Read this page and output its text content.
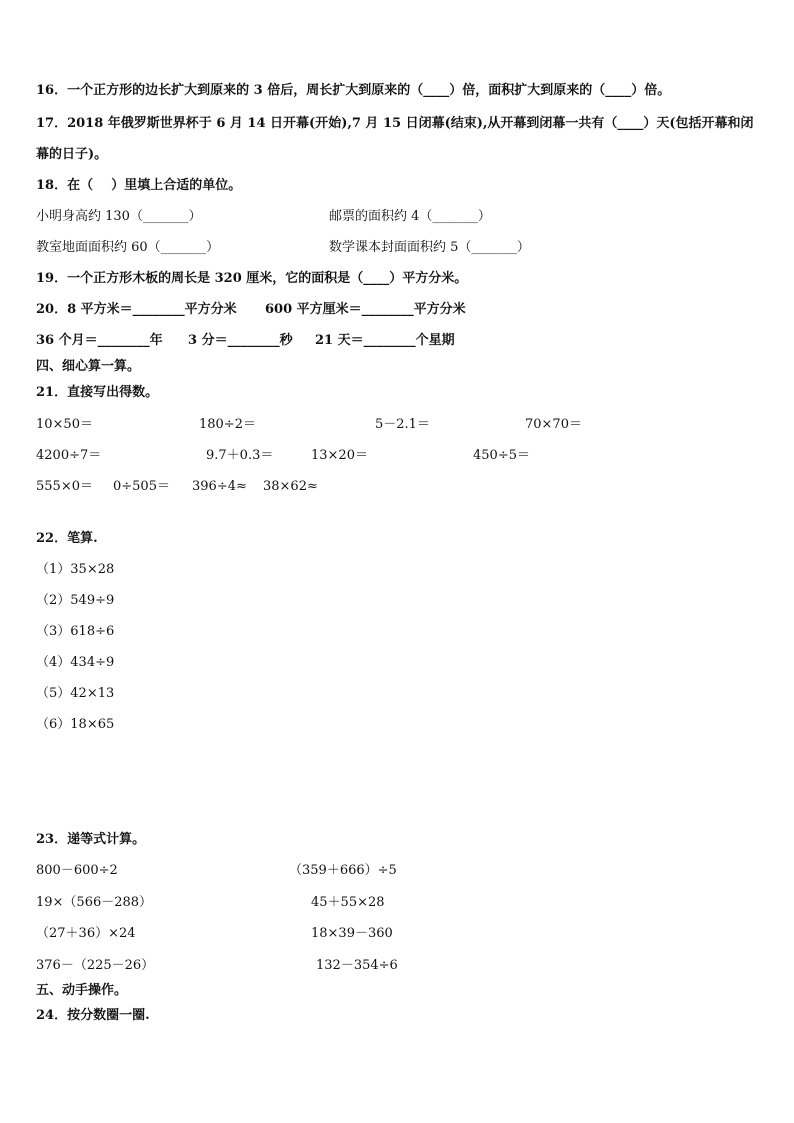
16．一个正方形的边长扩大到原来的 3 倍后，周长扩大到原来的（____）倍，面积扩大到原来的（____）倍。
17．2018 年俄罗斯世界杯于 6 月 14 日开幕(开始),7 月 15 日闭幕(结束),从开幕到闭幕一共有（____）天(包括开幕和闭
幕的日子)。
18．在（    ）里填上合适的单位。
小明身高约 130（_______）	邮票的面积约 4（_______）
教室地面面积约 60（_______）	数学课本封面面积约 5（_______）
19．一个正方形木板的周长是 320 厘米，它的面积是（____）平方分米。
20．8 平方米＝________平方分米 600 平方厘米＝________平方分米
36 个月＝________年 3 分＝________秒 21 天＝________个星期
四、细心算一算。
21．直接写出得数。
10×50＝	180÷2＝	5－2.1＝	70×70＝
4200÷7＝	9.7＋0.3＝	13×20＝	450÷5＝
555×0＝ 0÷505＝ 396÷4≈ 38×62≈
22．笔算.
（1）35×28
（2）549÷9
（3）618÷6
（4）434÷9
（5）42×13
（6）18×65
23．递等式计算。
800－600÷2	（359＋666）÷5
19×（566－288）	45＋55×28
（27＋36）×24	18×39－360
376－（225－26）	132－354÷6
五、动手操作。
24．按分数圈一圈.
